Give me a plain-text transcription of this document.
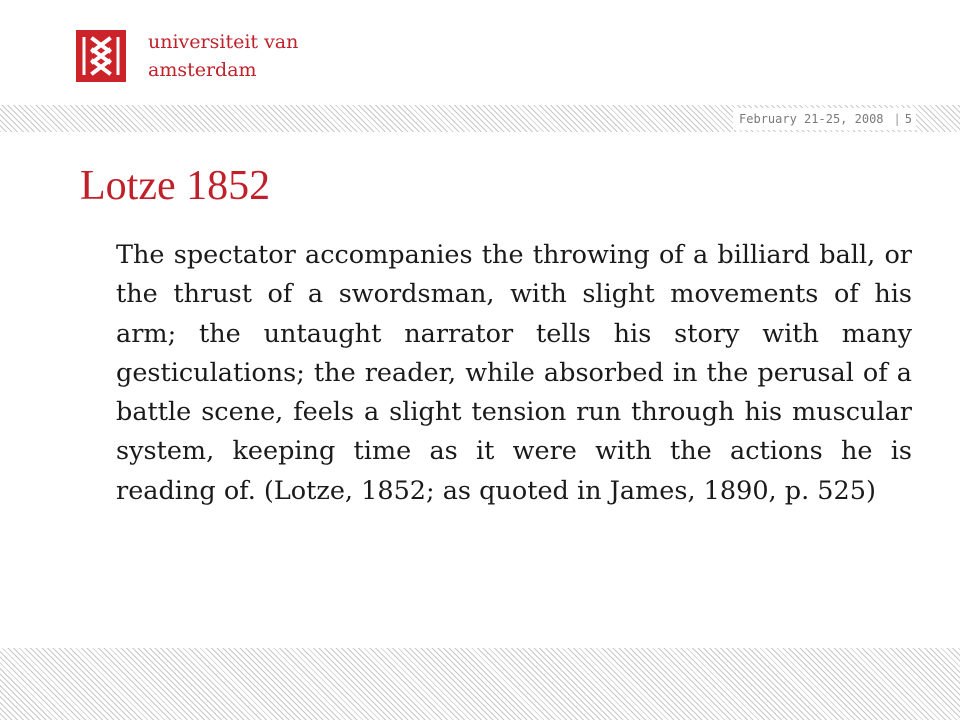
universiteit van
amsterdam
February 21-25, 2008 | 5
Lotze 1852

The spectator accompanies the throwing of a billiard ball, or the thrust of a swordsman, with slight movements of his arm; the untaught narrator tells his story with many gesticulations; the reader, while absorbed in the perusal of a battle scene, feels a slight tension run through his muscular system, keeping time as it were with the actions he is reading of. (Lotze, 1852; as quoted in James, 1890, p. 525)
